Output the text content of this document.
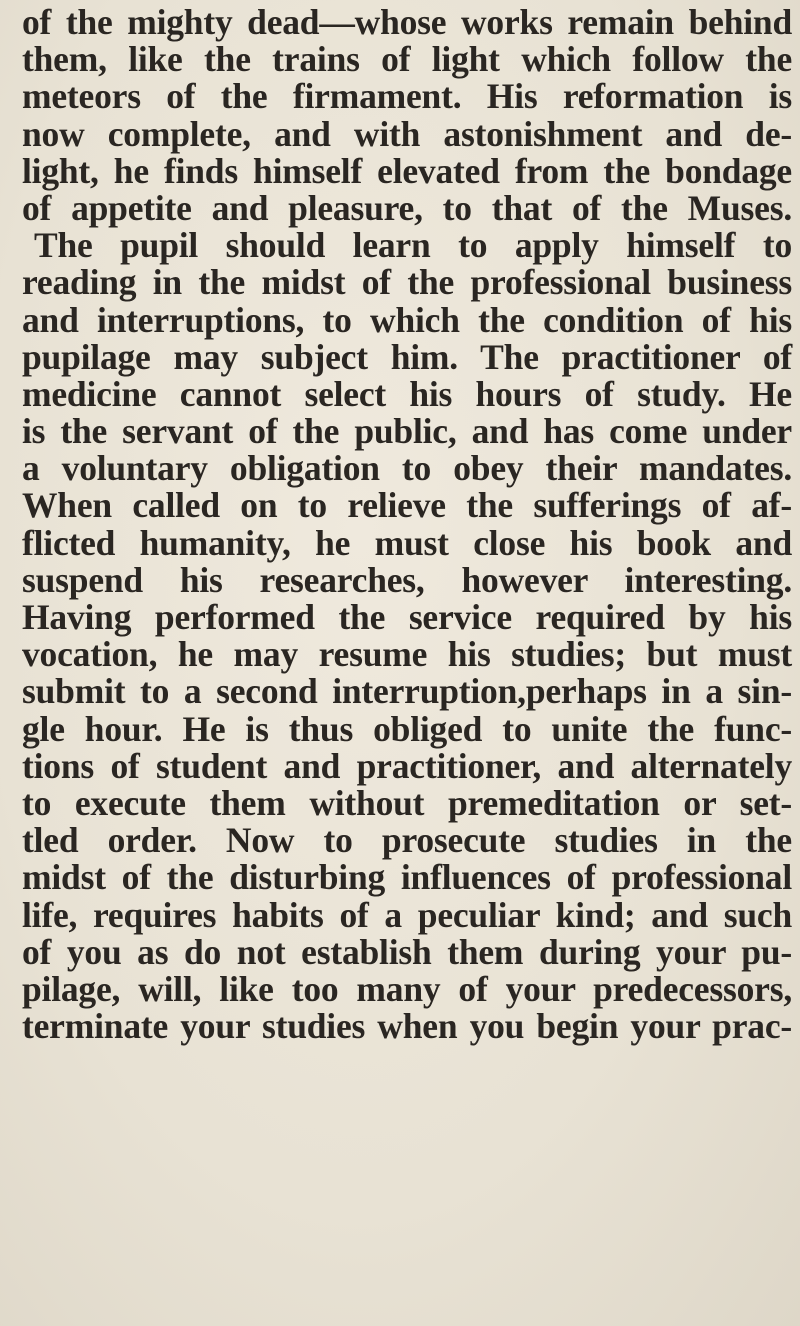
of the mighty dead—whose works remain behind
them, like the trains of light which follow the
meteors of the firmament. His reformation is
now complete, and with astonishment and de-
light, he finds himself elevated from the bondage
of appetite and pleasure, to that of the Muses.
The pupil should learn to apply himself to
reading in the midst of the professional business
and interruptions, to which the condition of his
pupilage may subject him. The practitioner of
medicine cannot select his hours of study. He
is the servant of the public, and has come under
a voluntary obligation to obey their mandates.
When called on to relieve the sufferings of af-
flicted humanity, he must close his book and
suspend his researches, however interesting.
Having performed the service required by his
vocation, he may resume his studies; but must
submit to a second interruption,perhaps in a sin-
gle hour. He is thus obliged to unite the func-
tions of student and practitioner, and alternately
to execute them without premeditation or set-
tled order. Now to prosecute studies in the
midst of the disturbing influences of professional
life, requires habits of a peculiar kind; and such
of you as do not establish them during your pu-
pilage, will, like too many of your predecessors,
terminate your studies when you begin your prac-
